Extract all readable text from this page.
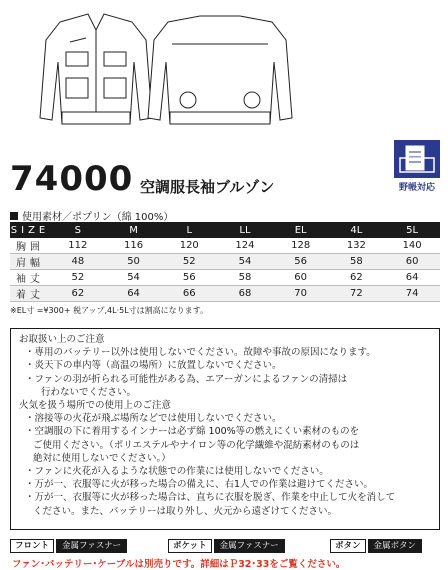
野帳対応
74000 空調服長袖ブルゾン
使用素材／ポプリン（綿 100%）
SIZE	S	M	L	LL	EL	4L	5L
胸囲	112	116	120	124	128	132	140
肩幅	48	50	52	54	56	58	60
袖丈	52	54	56	58	60	62	64
着丈	62	64	66	68	70	72	74
※EL寸 =¥300+ 税アップ,4L·5L寸は割高になります。
お取扱い上のご注意
・専用のバッテリー以外は使用しないでください。故障や事故の原因になります。
・炎天下の車内等（高温の場所）に放置しないでください。
・ファンの羽が折られる可能性がある為、エアーガンによるファンの清掃は
行わないでください。
火気を扱う場所での使用上のご注意
・溶接等の火花が飛ぶ場所などでは使用しないでください。
・空調服の下に着用するインナーは必ず綿 100%等の燃えにくい素材のものを
ご使用ください。（ポリエステルやナイロン等の化学繊維や混紡素材のものは
絶対に使用しないでください。）
・ファンに火花が入るような状態での作業には使用しないでください。
・万が一、衣服等に火が移った場合の備えに、右1人での作業は避けてください。
・万が一、衣服等に火が移った場合は、直ちに衣服を脱ぎ、作業を中止して火を消して
ください。また、バッテリーは取り外し、火元から遠ざけてください。
フロント	金属ファスナー	ポケット	金属ファスナー	ボタン	金属ボタン
ファン･バッテリー･ケーブルは別売りです。詳細はＰ32･33をご覧ください。
